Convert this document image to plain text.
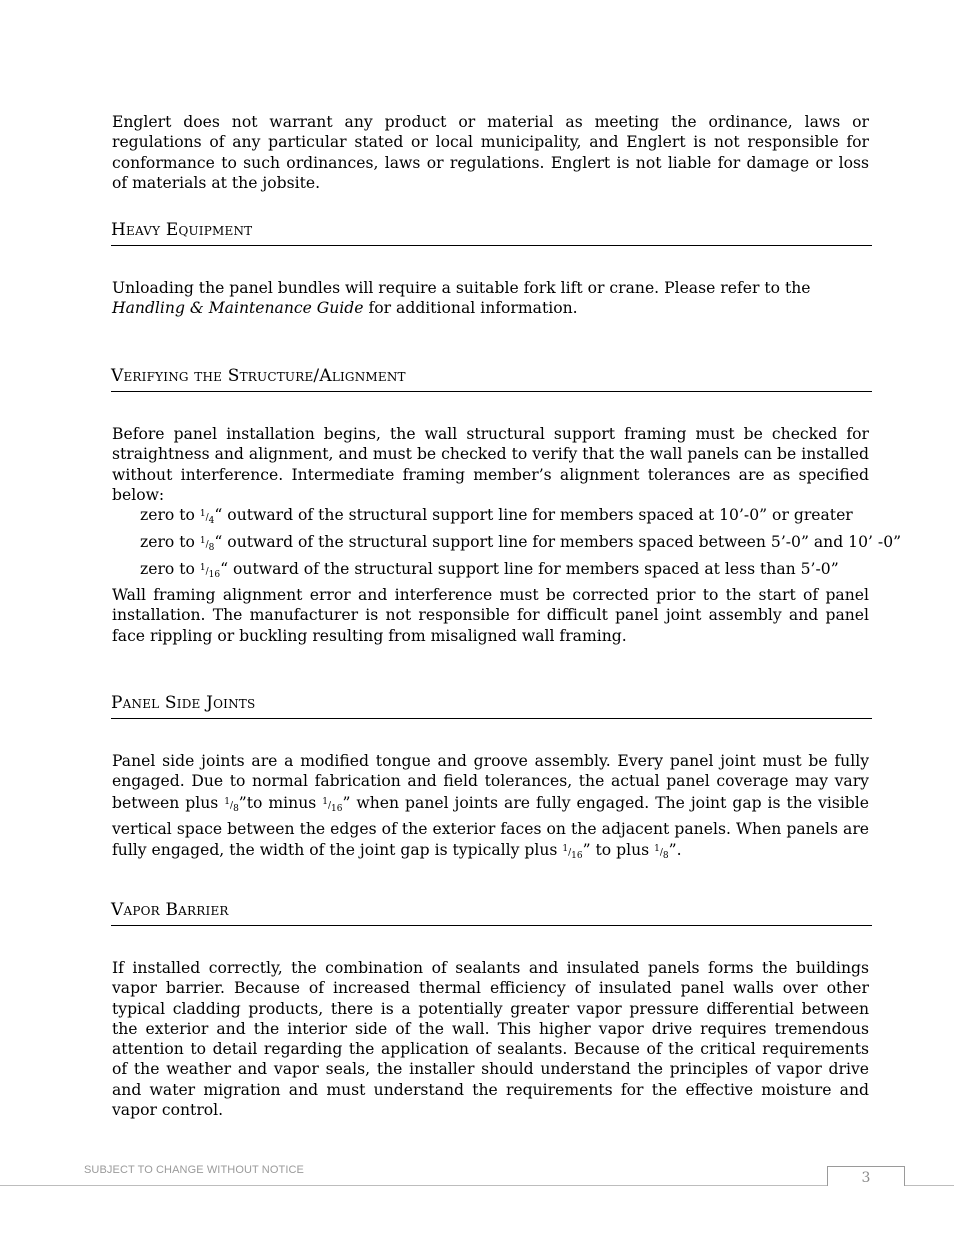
Englert does not warrant any product or material as meeting the ordinance, laws or regulations of any particular stated or local municipality, and Englert is not responsible for conformance to such ordinances, laws or regulations. Englert is not liable for damage or loss of materials at the jobsite.

Heavy Equipment

Unloading the panel bundles will require a suitable fork lift or crane. Please refer to the Handling & Maintenance Guide for additional information.

Verifying the Structure/Alignment

Before panel installation begins, the wall structural support framing must be checked for straightness and alignment, and must be checked to verify that the wall panels can be installed without interference. Intermediate framing member’s alignment tolerances are as specified below:

zero to $^1/_4“$ outward of the structural support line for members spaced at 10’-0” or greater
zero to $^1/_8“$ outward of the structural support line for members spaced between 5’-0” and 10’ -0”
zero to $^1/_{16}“$ outward of the structural support line for members spaced at less than 5’-0”

Wall framing alignment error and interference must be corrected prior to the start of panel installation. The manufacturer is not responsible for difficult panel joint assembly and panel face rippling or buckling resulting from misaligned wall framing.

Panel Side Joints

Panel side joints are a modified tongue and groove assembly. Every panel joint must be fully engaged. Due to normal fabrication and field tolerances, the actual panel coverage may vary between plus $^1/_8”to$ minus $^1/_{16}$” when panel joints are fully engaged. The joint gap is the visible vertical space between the edges of the exterior faces on the adjacent panels. When panels are fully engaged, the width of the joint gap is typically plus $^1/_{16}$” to plus $^1/_8$”.

Vapor Barrier

If installed correctly, the combination of sealants and insulated panels forms the buildings vapor barrier. Because of increased thermal efficiency of insulated panel walls over other typical cladding products, there is a potentially greater vapor pressure differential between the exterior and the interior side of the wall. This higher vapor drive requires tremendous attention to detail regarding the application of sealants. Because of the critical requirements of the weather and vapor seals, the installer should understand the principles of vapor drive and water migration and must understand the requirements for the effective moisture and vapor control.

SUBJECT TO CHANGE WITHOUT NOTICE	3
